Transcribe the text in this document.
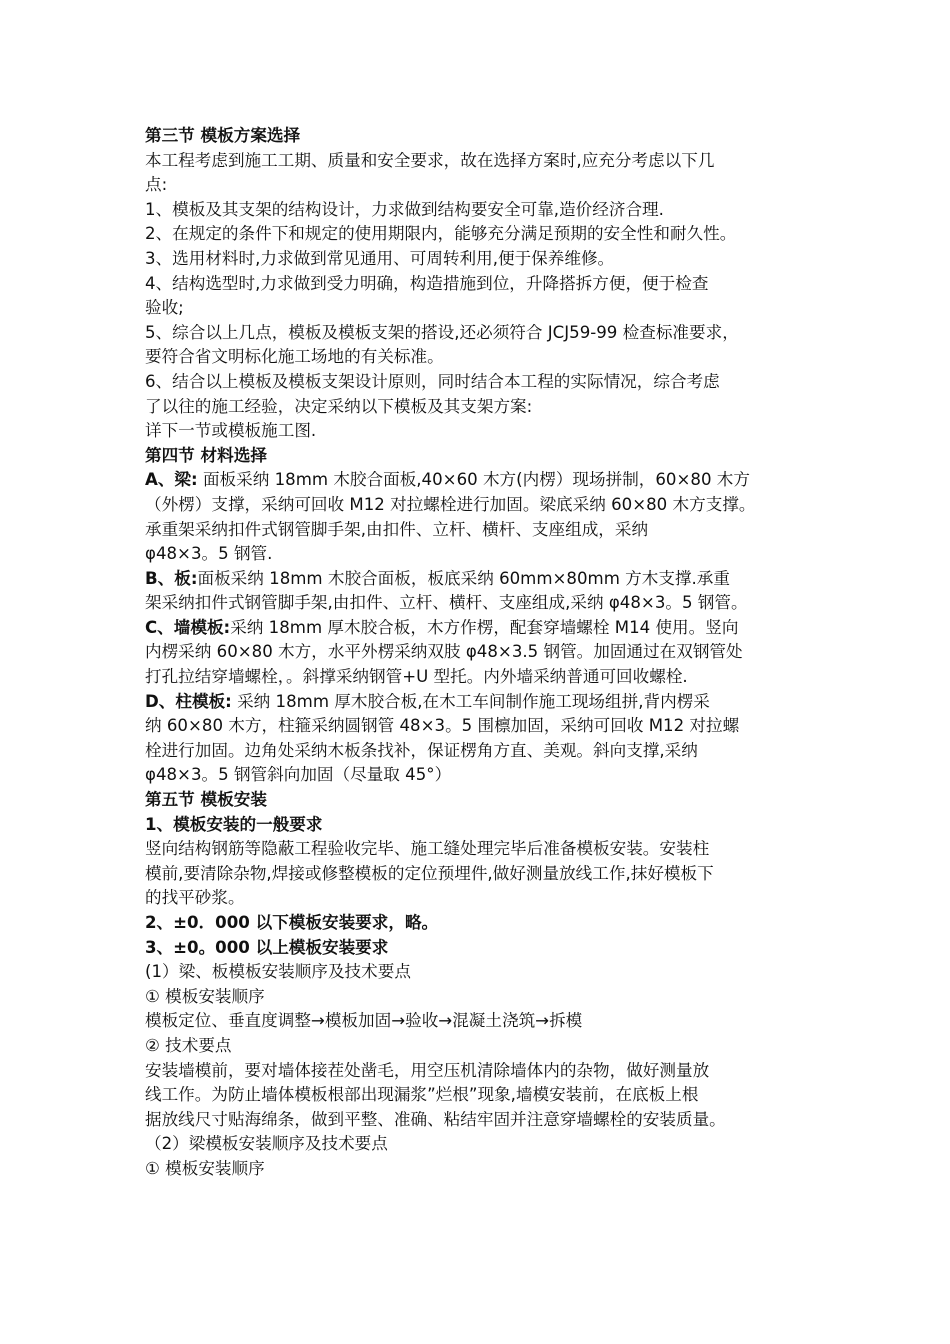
第三节 模板方案选择
本工程考虑到施工工期、质量和安全要求，故在选择方案时,应充分考虑以下几
点:
1、模板及其支架的结构设计，力求做到结构要安全可靠,造价经济合理.
2、在规定的条件下和规定的使用期限内，能够充分满足预期的安全性和耐久性。
3、选用材料时,力求做到常见通用、可周转利用,便于保养维修。
4、结构选型时,力求做到受力明确，构造措施到位，升降搭拆方便，便于检查
验收;
5、综合以上几点，模板及模板支架的搭设,还必须符合 JCJ59-99 检查标准要求，
要符合省文明标化施工场地的有关标准。
6、结合以上模板及模板支架设计原则，同时结合本工程的实际情况，综合考虑
了以往的施工经验，决定采纳以下模板及其支架方案:
详下一节或模板施工图.
第四节 材料选择
A、梁: 面板采纳 18mm 木胶合面板,40×60 木方(内楞）现场拼制，60×80 木方
（外楞）支撑，采纳可回收 M12 对拉螺栓进行加固。梁底采纳 60×80 木方支撑。
承重架采纳扣件式钢管脚手架,由扣件、立杆、横杆、支座组成，采纳
φ48×3。5 钢管.
B、板:面板采纳 18mm 木胶合面板，板底采纳 60mm×80mm 方木支撑.承重
架采纳扣件式钢管脚手架,由扣件、立杆、横杆、支座组成,采纳 φ48×3。5 钢管。
C、墙模板:采纳 18mm 厚木胶合板，木方作楞，配套穿墙螺栓 M14 使用。竖向
内楞采纳 60×80 木方，水平外楞采纳双肢 φ48×3.5 钢管。加固通过在双钢管处
打孔拉结穿墙螺栓，。斜撑采纳钢管+U 型托。内外墙采纳普通可回收螺栓.
D、柱模板: 采纳 18mm 厚木胶合板,在木工车间制作施工现场组拼,背内楞采
纳 60×80 木方，柱箍采纳圆钢管 48×3。5 围檩加固，采纳可回收 M12 对拉螺
栓进行加固。边角处采纳木板条找补，保证楞角方直、美观。斜向支撑,采纳
φ48×3。5 钢管斜向加固（尽量取 45°）
第五节 模板安装
1、模板安装的一般要求
竖向结构钢筋等隐蔽工程验收完毕、施工缝处理完毕后准备模板安装。安装柱
模前,要清除杂物,焊接或修整模板的定位预埋件,做好测量放线工作,抹好模板下
的找平砂浆。
2、±0．000 以下模板安装要求，略。
3、±0。000 以上模板安装要求
(1）梁、板模板安装顺序及技术要点
① 模板安装顺序
模板定位、垂直度调整→模板加固→验收→混凝土浇筑→拆模
② 技术要点
安装墙模前，要对墙体接茬处凿毛，用空压机清除墙体内的杂物，做好测量放
线工作。为防止墙体模板根部出现漏浆”烂根”现象,墙模安装前，在底板上根
据放线尺寸贴海绵条，做到平整、准确、粘结牢固并注意穿墙螺栓的安装质量。
（2）梁模板安装顺序及技术要点
① 模板安装顺序
